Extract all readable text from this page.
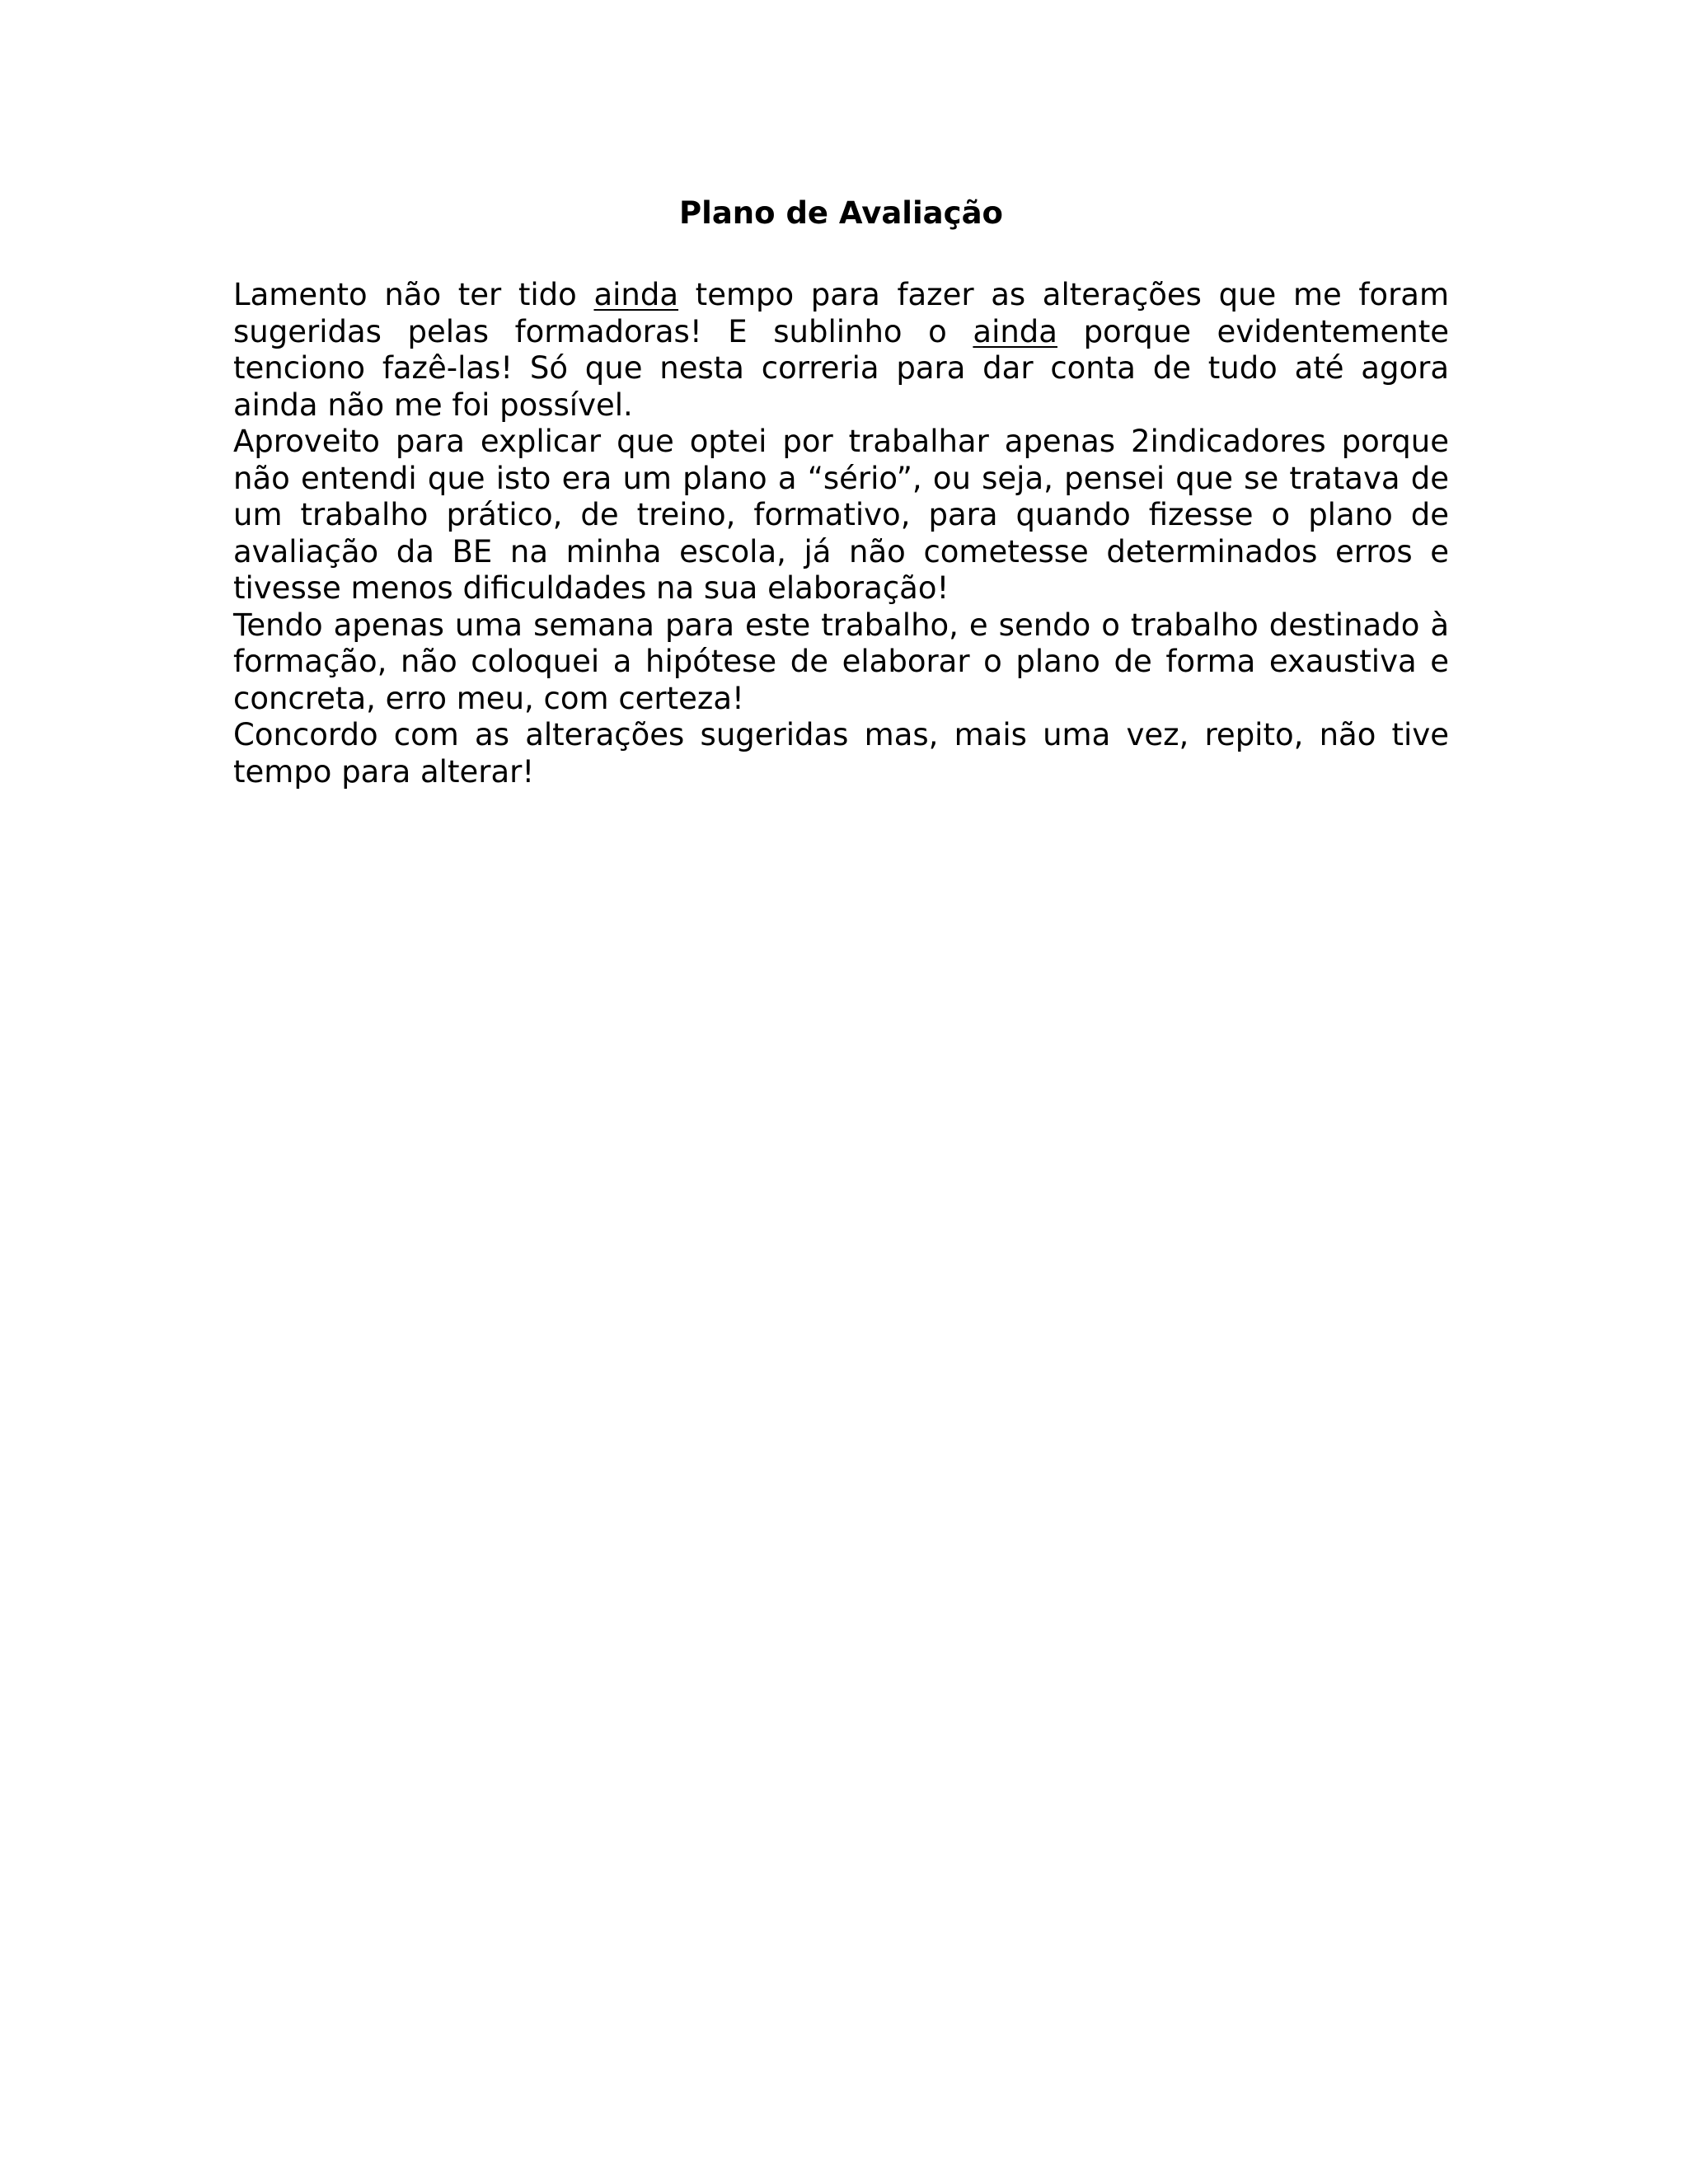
Plano de Avaliação

Lamento não ter tido ainda tempo para fazer as alterações que me foram sugeridas pelas formadoras! E sublinho o ainda porque evidentemente tenciono fazê-las! Só que nesta correria para dar conta de tudo até agora ainda não me foi possível.

Aproveito para explicar que optei por trabalhar apenas 2indicadores porque não entendi que isto era um plano a “sério”, ou seja, pensei que se tratava de um trabalho prático, de treino, formativo, para quando fizesse o plano de avaliação da BE na minha escola, já não cometesse determinados erros e tivesse menos dificuldades na sua elaboração!

Tendo apenas uma semana para este trabalho, e sendo o trabalho destinado à formação, não coloquei a hipótese de elaborar o plano de forma exaustiva e concreta, erro meu, com certeza!

Concordo com as alterações sugeridas mas, mais uma vez, repito, não tive tempo para alterar!
